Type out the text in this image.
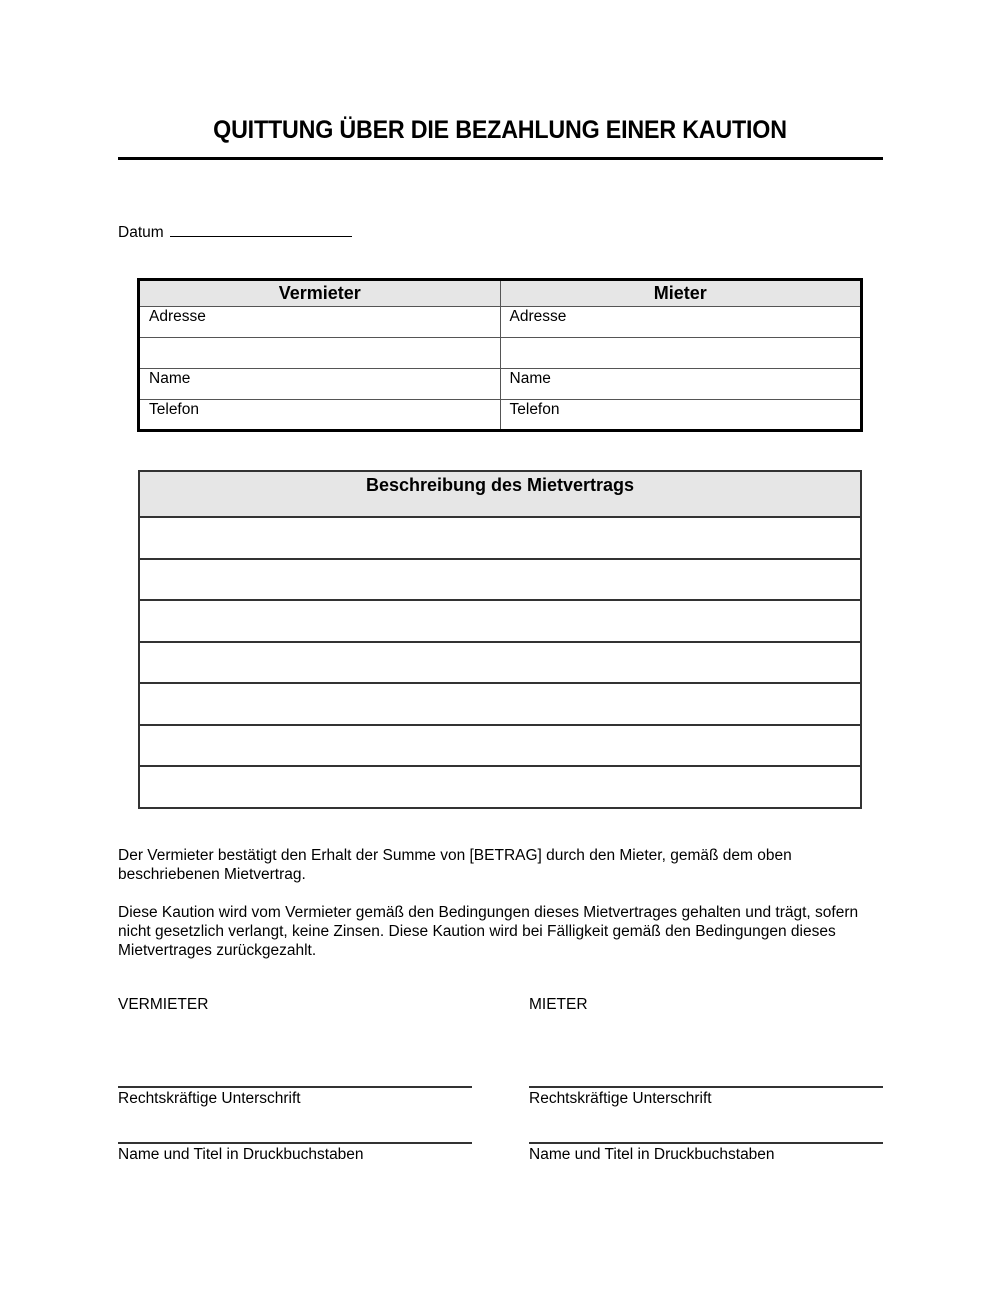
QUITTUNG ÜBER DIE BEZAHLUNG EINER KAUTION
Datum
Vermieter	Mieter
Adresse	Adresse

Name	Name
Telefon	Telefon
Beschreibung des Mietvertrags

Der Vermieter bestätigt den Erhalt der Summe von [BETRAG] durch den Mieter, gemäß dem oben beschriebenen Mietvertrag.

Diese Kaution wird vom Vermieter gemäß den Bedingungen dieses Mietvertrages gehalten und trägt, sofern nicht gesetzlich verlangt, keine Zinsen. Diese Kaution wird bei Fälligkeit gemäß den Bedingungen dieses Mietvertrages zurückgezahlt.

VERMIETER	MIETER
Rechtskräftige Unterschrift	Rechtskräftige Unterschrift
Name und Titel in Druckbuchstaben	Name und Titel in Druckbuchstaben
